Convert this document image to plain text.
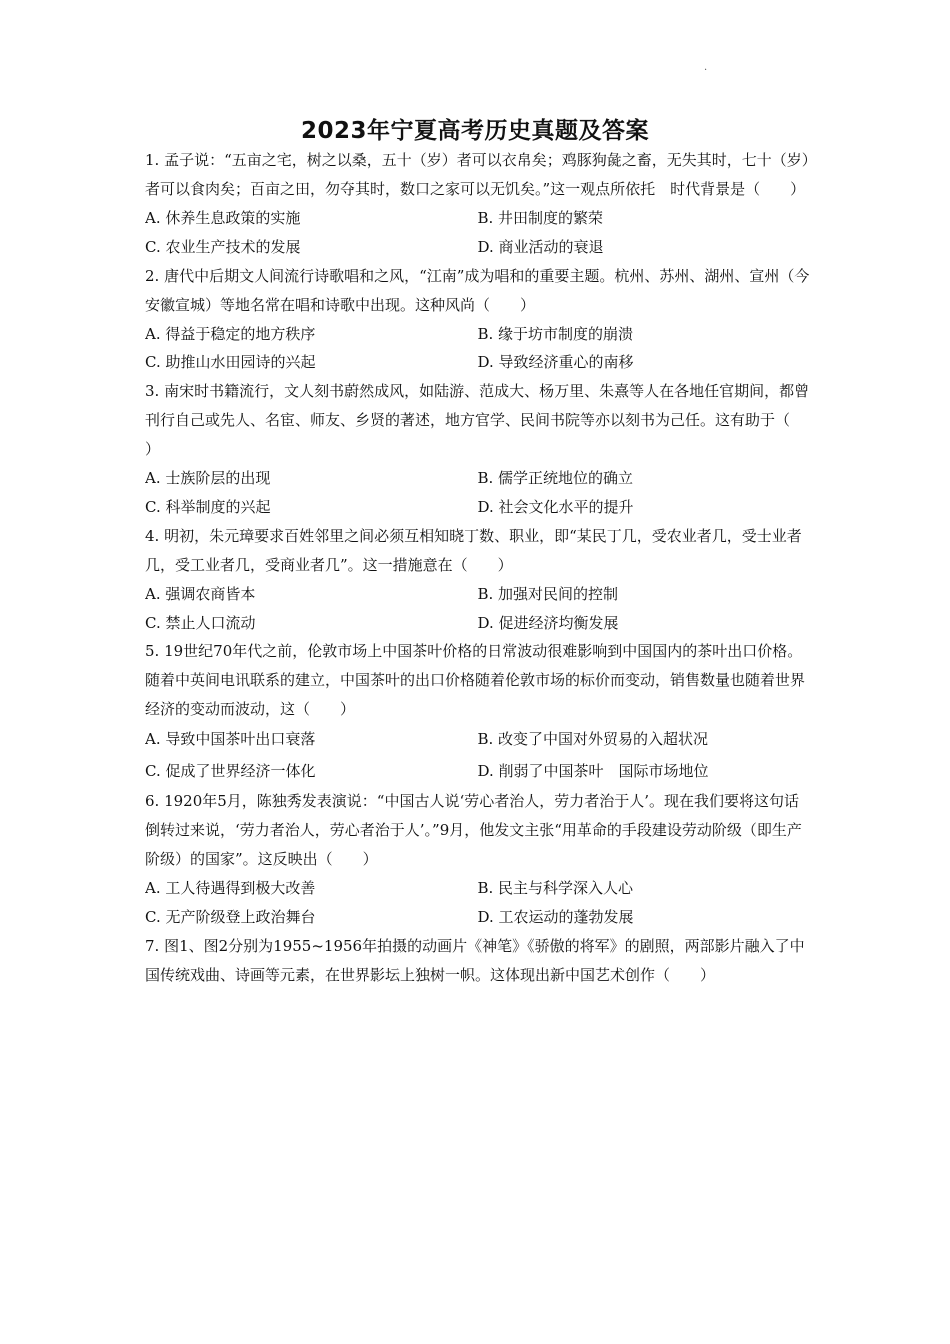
.
2023年宁夏高考历史真题及答案

1. 孟子说：“五亩之宅，树之以桑，五十（岁）者可以衣帛矣；鸡豚狗彘之畜，无失其时，七十（岁）者可以食肉矣；百亩之田，勿夺其时，数口之家可以无饥矣。”这一观点所依托　时代背景是（　　）

A. 休养生息政策的实施	B. 井田制度的繁荣
C. 农业生产技术的发展	D. 商业活动的衰退

2. 唐代中后期文人间流行诗歌唱和之风，“江南”成为唱和的重要主题。杭州、苏州、湖州、宣州（今安徽宣城）等地名常在唱和诗歌中出现。这种风尚（　　）

A. 得益于稳定的地方秩序	B. 缘于坊市制度的崩溃
C. 助推山水田园诗的兴起	D. 导致经济重心的南移

3. 南宋时书籍流行，文人刻书蔚然成风，如陆游、范成大、杨万里、朱熹等人在各地任官期间，都曾刊行自己或先人、名宦、师友、乡贤的著述，地方官学、民间书院等亦以刻书为己任。这有助于（　　）

A. 士族阶层的出现	B. 儒学正统地位的确立
C. 科举制度的兴起	D. 社会文化水平的提升

4. 明初，朱元璋要求百姓邻里之间必须互相知晓丁数、职业，即“某民丁几，受农业者几，受士业者几，受工业者几，受商业者几”。这一措施意在（　　）

A. 强调农商皆本	B. 加强对民间的控制
C. 禁止人口流动	D. 促进经济均衡发展

5. 19世纪70年代之前，伦敦市场上中国茶叶价格的日常波动很难影响到中国国内的茶叶出口价格。随着中英间电讯联系的建立，中国茶叶的出口价格随着伦敦市场的标价而变动，销售数量也随着世界经济的变动而波动，这（　　）

A. 导致中国茶叶出口衰落	B. 改变了中国对外贸易的入超状况
C. 促成了世界经济一体化	D. 削弱了中国茶叶　国际市场地位

6. 1920年5月，陈独秀发表演说：“中国古人说‘劳心者治人，劳力者治于人’。现在我们要将这句话倒转过来说，‘劳力者治人，劳心者治于人’。”9月，他发文主张“用革命的手段建设劳动阶级（即生产阶级）的国家”。这反映出（　　）

A. 工人待遇得到极大改善	B. 民主与科学深入人心
C. 无产阶级登上政治舞台	D. 工农运动的蓬勃发展

7. 图1、图2分别为1955~1956年拍摄的动画片《神笔》《骄傲的将军》的剧照，两部影片融入了中国传统戏曲、诗画等元素，在世界影坛上独树一帜。这体现出新中国艺术创作（　　）
